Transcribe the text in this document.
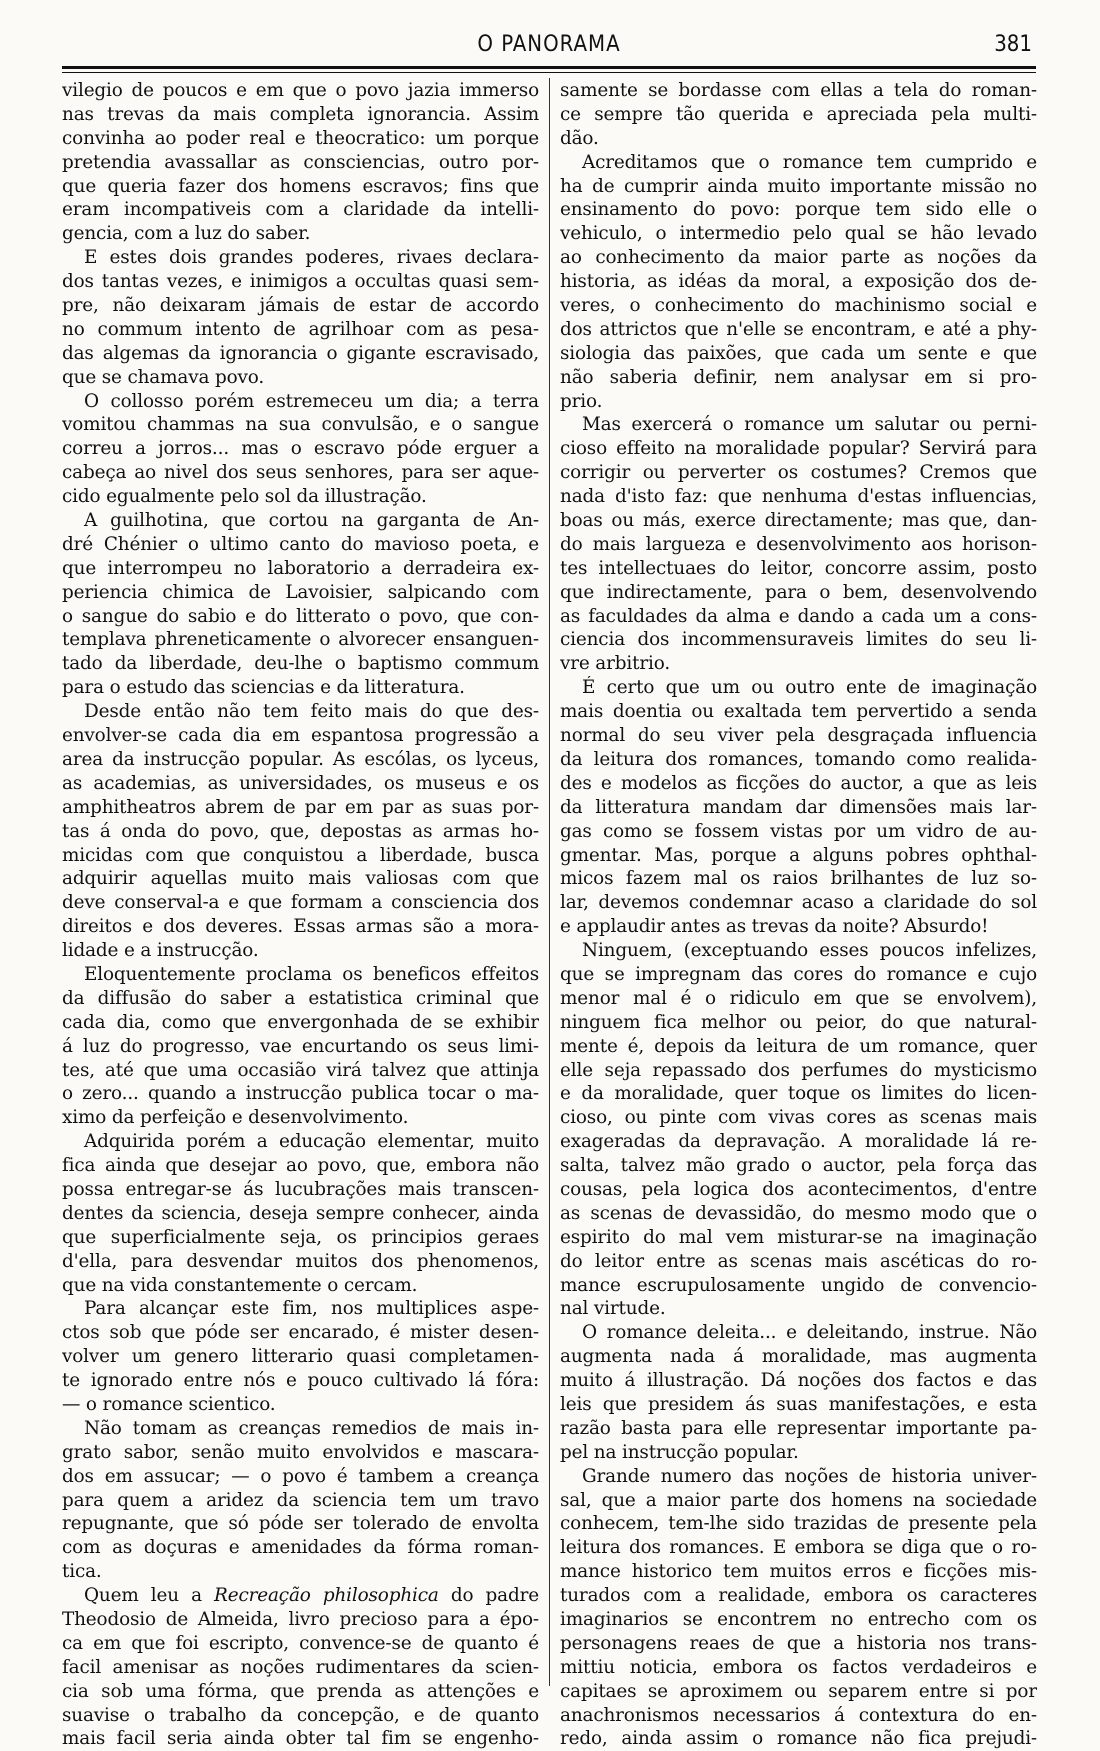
O PANORAMA	381
vilegio de poucos e em que o povo jazia immerso
nas trevas da mais completa ignorancia. Assim
convinha ao poder real e theocratico: um porque
pretendia avassallar as consciencias, outro por-
que queria fazer dos homens escravos; fins que
eram incompativeis com a claridade da intelli-
gencia, com a luz do saber.
E estes dois grandes poderes, rivaes declara-
dos tantas vezes, e inimigos a occultas quasi sem-
pre, não deixaram jámais de estar de accordo
no commum intento de agrilhoar com as pesa-
das algemas da ignorancia o gigante escravisado,
que se chamava povo.
O collosso porém estremeceu um dia; a terra
vomitou chammas na sua convulsão, e o sangue
correu a jorros... mas o escravo póde erguer a
cabeça ao nivel dos seus senhores, para ser aque-
cido egualmente pelo sol da illustração.
A guilhotina, que cortou na garganta de An-
dré Chénier o ultimo canto do mavioso poeta, e
que interrompeu no laboratorio a derradeira ex-
periencia chimica de Lavoisier, salpicando com
o sangue do sabio e do litterato o povo, que con-
templava phreneticamente o alvorecer ensanguen-
tado da liberdade, deu-lhe o baptismo commum
para o estudo das sciencias e da litteratura.
Desde então não tem feito mais do que des-
envolver-se cada dia em espantosa progressão a
area da instrucção popular. As escólas, os lyceus,
as academias, as universidades, os museus e os
amphitheatros abrem de par em par as suas por-
tas á onda do povo, que, depostas as armas ho-
micidas com que conquistou a liberdade, busca
adquirir aquellas muito mais valiosas com que
deve conserval-a e que formam a consciencia dos
direitos e dos deveres. Essas armas são a mora-
lidade e a instrucção.
Eloquentemente proclama os beneficos effeitos
da diffusão do saber a estatistica criminal que
cada dia, como que envergonhada de se exhibir
á luz do progresso, vae encurtando os seus limi-
tes, até que uma occasião virá talvez que attinja
o zero... quando a instrucção publica tocar o ma-
ximo da perfeição e desenvolvimento.
Adquirida porém a educação elementar, muito
fica ainda que desejar ao povo, que, embora não
possa entregar-se ás lucubrações mais transcen-
dentes da sciencia, deseja sempre conhecer, ainda
que superficialmente seja, os principios geraes
d'ella, para desvendar muitos dos phenomenos,
que na vida constantemente o cercam.
Para alcançar este fim, nos multiplices aspe-
ctos sob que póde ser encarado, é mister desen-
volver um genero litterario quasi completamen-
te ignorado entre nós e pouco cultivado lá fóra:
— o romance scientico.
Não tomam as creanças remedios de mais in-
grato sabor, senão muito envolvidos e mascara-
dos em assucar; — o povo é tambem a creança
para quem a aridez da sciencia tem um travo
repugnante, que só póde ser tolerado de envolta
com as doçuras e amenidades da fórma roman-
tica.
Quem leu a Recreação philosophica do padre
Theodosio de Almeida, livro precioso para a épo-
ca em que foi escripto, convence-se de quanto é
facil amenisar as noções rudimentares da scien-
cia sob uma fórma, que prenda as attenções e
suavise o trabalho da concepção, e de quanto
mais facil seria ainda obter tal fim se engenho-
samente se bordasse com ellas a tela do roman-
ce sempre tão querida e apreciada pela multi-
dão.
Acreditamos que o romance tem cumprido e
ha de cumprir ainda muito importante missão no
ensinamento do povo: porque tem sido elle o
vehiculo, o intermedio pelo qual se hão levado
ao conhecimento da maior parte as noções da
historia, as idéas da moral, a exposição dos de-
veres, o conhecimento do machinismo social e
dos attrictos que n'elle se encontram, e até a phy-
siologia das paixões, que cada um sente e que
não saberia definir, nem analysar em si pro-
prio.
Mas exercerá o romance um salutar ou perni-
cioso effeito na moralidade popular? Servirá para
corrigir ou perverter os costumes? Cremos que
nada d'isto faz: que nenhuma d'estas influencias,
boas ou más, exerce directamente; mas que, dan-
do mais largueza e desenvolvimento aos horison-
tes intellectuaes do leitor, concorre assim, posto
que indirectamente, para o bem, desenvolvendo
as faculdades da alma e dando a cada um a cons-
ciencia dos incommensuraveis limites do seu li-
vre arbitrio.
É certo que um ou outro ente de imaginação
mais doentia ou exaltada tem pervertido a senda
normal do seu viver pela desgraçada influencia
da leitura dos romances, tomando como realida-
des e modelos as ficções do auctor, a que as leis
da litteratura mandam dar dimensões mais lar-
gas como se fossem vistas por um vidro de au-
gmentar. Mas, porque a alguns pobres ophthal-
micos fazem mal os raios brilhantes de luz so-
lar, devemos condemnar acaso a claridade do sol
e applaudir antes as trevas da noite? Absurdo!
Ninguem, (exceptuando esses poucos infelizes,
que se impregnam das cores do romance e cujo
menor mal é o ridiculo em que se envolvem),
ninguem fica melhor ou peior, do que natural-
mente é, depois da leitura de um romance, quer
elle seja repassado dos perfumes do mysticismo
e da moralidade, quer toque os limites do licen-
cioso, ou pinte com vivas cores as scenas mais
exageradas da depravação. A moralidade lá re-
salta, talvez mão grado o auctor, pela força das
cousas, pela logica dos acontecimentos, d'entre
as scenas de devassidão, do mesmo modo que o
espirito do mal vem misturar-se na imaginação
do leitor entre as scenas mais ascéticas do ro-
mance escrupulosamente ungido de convencio-
nal virtude.
O romance deleita... e deleitando, instrue. Não
augmenta nada á moralidade, mas augmenta
muito á illustração. Dá noções dos factos e das
leis que presidem ás suas manifestações, e esta
razão basta para elle representar importante pa-
pel na instrucção popular.
Grande numero das noções de historia univer-
sal, que a maior parte dos homens na sociedade
conhecem, tem-lhe sido trazidas de presente pela
leitura dos romances. E embora se diga que o ro-
mance historico tem muitos erros e ficções mis-
turados com a realidade, embora os caracteres
imaginarios se encontrem no entrecho com os
personagens reaes de que a historia nos trans-
mittiu noticia, embora os factos verdadeiros e
capitaes se aproximem ou separem entre si por
anachronismos necessarios á contextura do en-
redo, ainda assim o romance não fica prejudi-
